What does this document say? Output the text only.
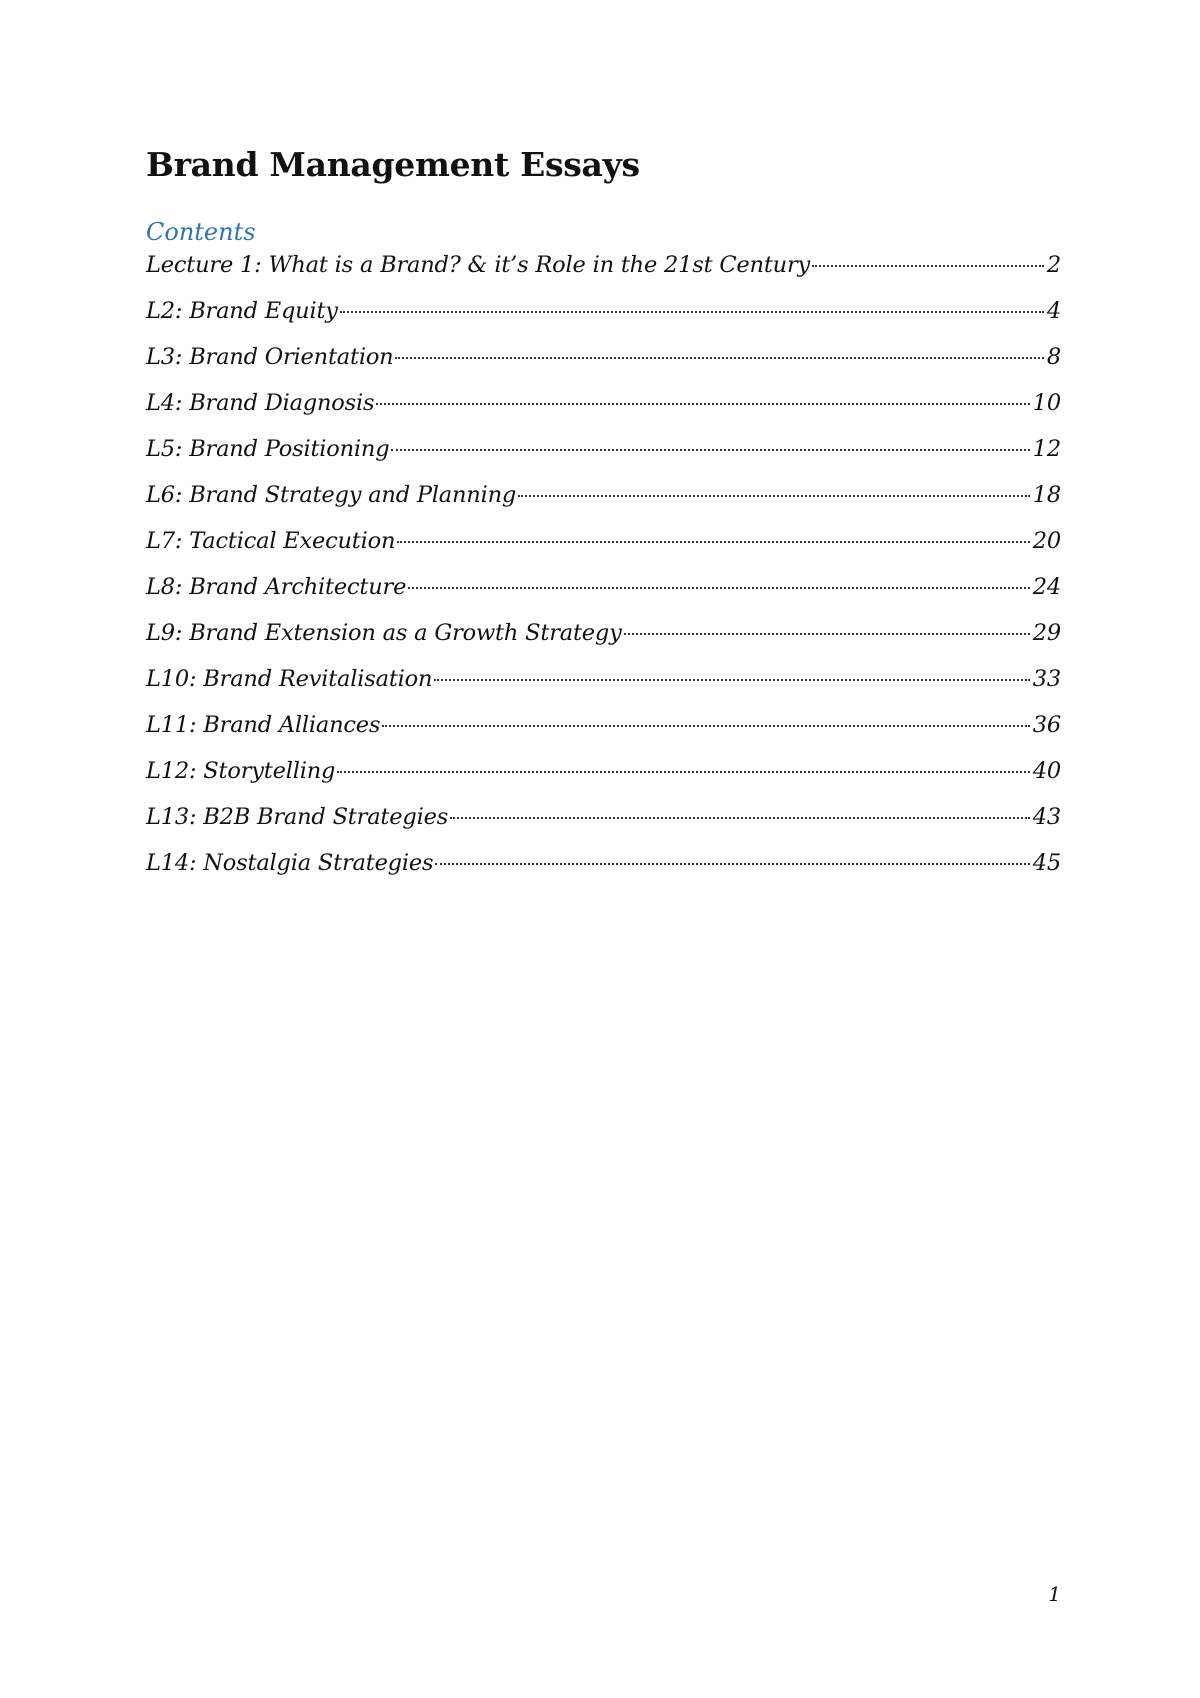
Brand Management Essays
Contents
Lecture 1: What is a Brand? & it’s Role in the 21st Century	2
L2: Brand Equity	4
L3: Brand Orientation	8
L4: Brand Diagnosis	10
L5: Brand Positioning	12
L6: Brand Strategy and Planning	18
L7: Tactical Execution	20
L8: Brand Architecture	24
L9: Brand Extension as a Growth Strategy	29
L10: Brand Revitalisation	33
L11: Brand Alliances	36
L12: Storytelling	40
L13: B2B Brand Strategies	43
L14: Nostalgia Strategies	45
1
